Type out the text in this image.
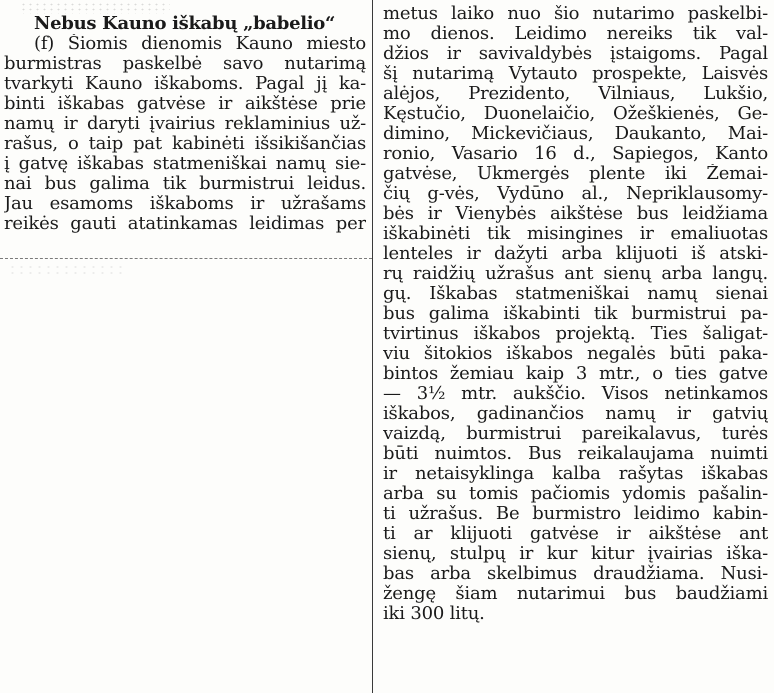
Nebus Kauno iškabų „babelio“
(f) Šiomis dienomis Kauno miesto
burmistras paskelbė savo nutarimą
tvarkyti Kauno iškaboms. Pagal jį ka-
binti iškabas gatvėse ir aikštėse prie
namų ir daryti įvairius reklaminius už-
rašus, o taip pat kabinėti išsikišančias
į gatvę iškabas statmeniškai namų sie-
nai bus galima tik burmistrui leidus.
Jau esamoms iškaboms ir užrašams
reikės gauti atatinkamas leidimas per
metus laiko nuo šio nutarimo paskelbi-
mo dienos. Leidimo nereiks tik val-
džios ir savivaldybės įstaigoms. Pagal
šį nutarimą Vytauto prospekte, Laisvės
alėjos, Prezidento, Vilniaus, Lukšio,
Kęstučio, Duonelaičio, Ožeškienės, Ge-
dimino, Mickevičiaus, Daukanto, Mai-
ronio, Vasario 16 d., Sapiegos, Kanto
gatvėse, Ukmergės plente iki Žemai-
čių g-vės, Vydūno al., Nepriklausomy-
bės ir Vienybės aikštėse bus leidžiama
iškabinėti tik misingines ir emaliuotas
lenteles ir dažyti arba klijuoti iš atski-
rų raidžių užrašus ant sienų arba langų.
gų. Iškabas statmeniškai namų sienai
bus galima iškabinti tik burmistrui pa-
tvirtinus iškabos projektą. Ties šaligat-
viu šitokios iškabos negalės būti paka-
bintos žemiau kaip 3 mtr., o ties gatve
— 3½ mtr. aukščio. Visos netinkamos
iškabos, gadinančios namų ir gatvių
vaizdą, burmistrui pareikalavus, turės
būti nuimtos. Bus reikalaujama nuimti
ir netaisyklinga kalba rašytas iškabas
arba su tomis pačiomis ydomis pašalin-
ti užrašus. Be burmistro leidimo kabin-
ti ar klijuoti gatvėse ir aikštėse ant
sienų, stulpų ir kur kitur įvairias iška-
bas arba skelbimus draudžiama. Nusi-
žengę šiam nutarimui bus baudžiami
iki 300 litų.
